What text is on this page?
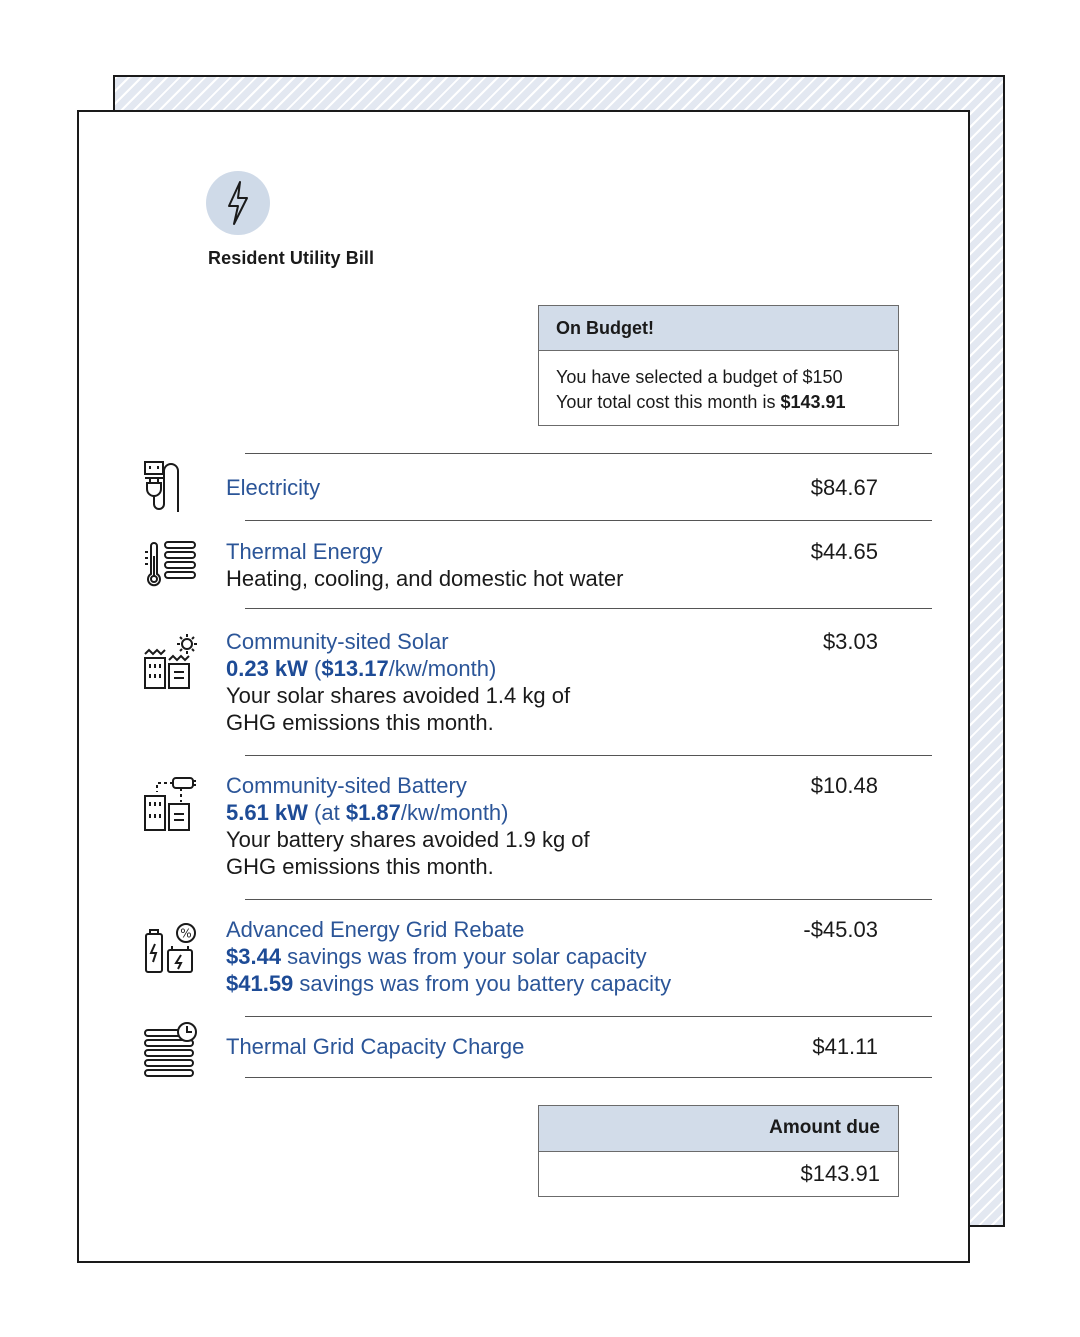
Resident Utility Bill
On Budget!
You have selected a budget of $150
Your total cost this month is $143.91
Electricity	$84.67
Thermal Energy
Heating, cooling, and domestic hot water
$44.65
Community-sited Solar
0.23 kW ($13.17/kw/month)
Your solar shares avoided 1.4 kg of
GHG emissions this month.
$3.03
Community-sited Battery
5.61 kW (at $1.87/kw/month)
Your battery shares avoided 1.9 kg of
GHG emissions this month.
$10.48
% Advanced Energy Grid Rebate
$3.44 savings was from your solar capacity
$41.59 savings was from you battery capacity
-$45.03
Thermal Grid Capacity Charge	$41.11
Amount due
$143.91
